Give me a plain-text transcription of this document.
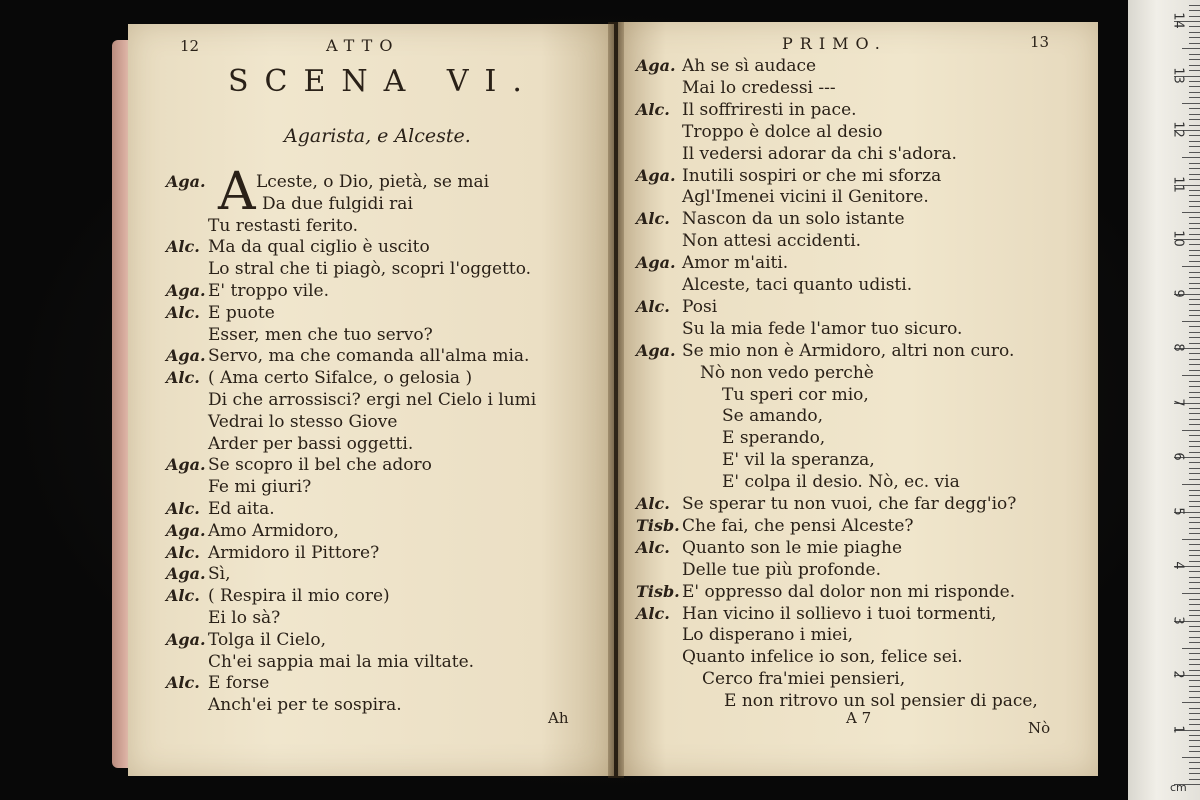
12	ATTO
SCENA VI.
Agarista, e Alceste.
A
Aga.	Lceste, o Dio, pietà, se mai
Da due fulgidi rai
Tu restasti ferito.
Alc. Ma da qual ciglio è uscito
Lo stral che ti piagò, scopri l'oggetto.
Aga. E' troppo vile.
Alc. E puote
Esser, men che tuo servo?
Aga. Servo, ma che comanda all'alma mia.
Alc. ( Ama certo Sifalce, o gelosia )
Di che arrossisci? ergi nel Cielo i lumi
Vedrai lo stesso Giove
Arder per bassi oggetti.
Aga. Se scopro il bel che adoro
Fe mi giuri?
Alc. Ed aita.
Aga. Amo Armidoro,
Alc. Armidoro il Pittore?
Aga. Sì,
Alc. ( Respira il mio core)
Ei lo sà?
Aga. Tolga il Cielo,
Ch'ei sappia mai la mia viltate.
Alc. E forse
Anch'ei per te sospira.
Ah
PRIMO.	13
Aga. Ah se sì audace
Mai lo credessi ---
Alc. Il soffriresti in pace.
Troppo è dolce al desio
Il vedersi adorar da chi s'adora.
Aga. Inutili sospiri or che mi sforza
Agl'Imenei vicini il Genitore.
Alc. Nascon da un solo istante
Non attesi accidenti.
Aga. Amor m'aiti.
Alceste, taci quanto udisti.
Alc. Posi
Su la mia fede l'amor tuo sicuro.
Aga. Se mio non è Armidoro, altri non curo.
Nò non vedo perchè
Tu speri cor mio,
Se amando,
E sperando,
E' vil la speranza,
E' colpa il desio. Nò, ec. via
Alc. Se sperar tu non vuoi, che far degg'io?
Tisb. Che fai, che pensi Alceste?
Alc. Quanto son le mie piaghe
Delle tue più profonde.
Tisb. E' oppresso dal dolor non mi risponde.
Alc. Han vicino il sollievo i tuoi tormenti,
Lo disperano i miei,
Quanto infelice io son, felice sei.
Cerco fra'miei pensieri,
E non ritrovo un sol pensier di pace,
A 7
Nò	1
2
3
4
5
6
7
8
9
10
11
12
13
14
cm
